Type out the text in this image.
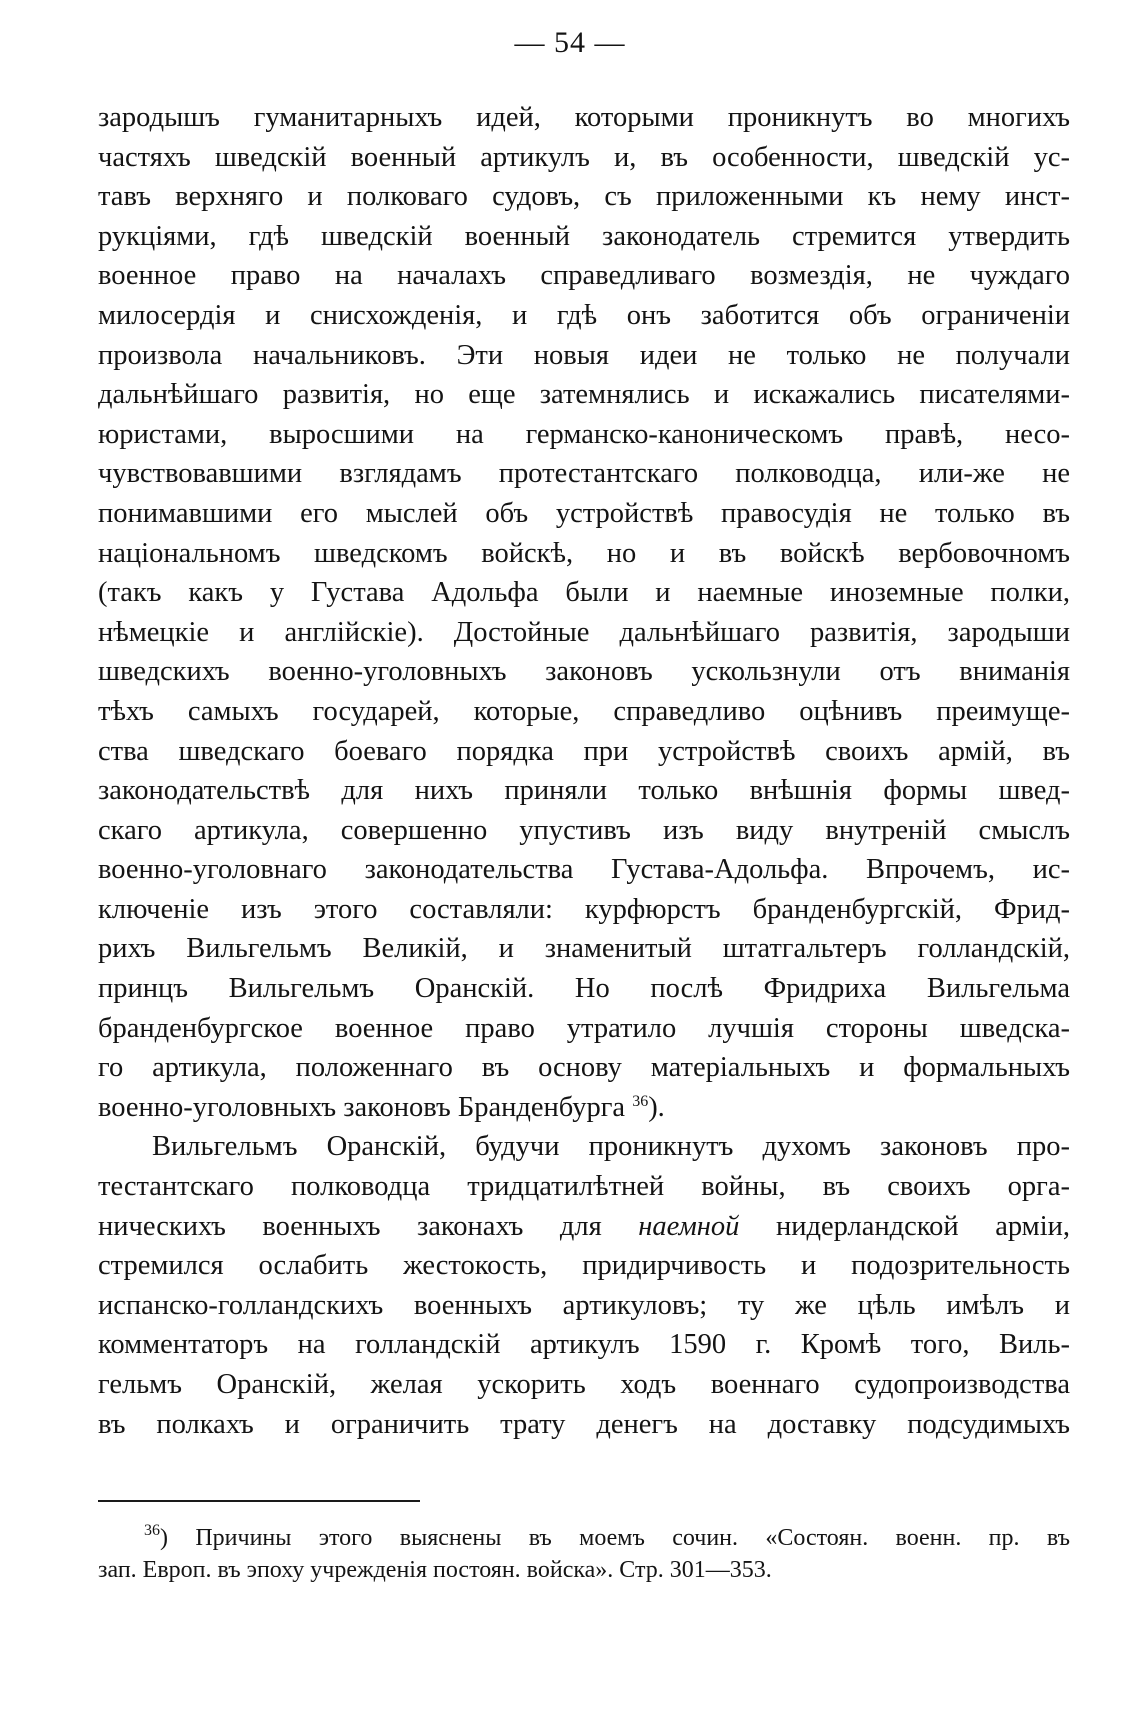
— 54 —
зародышъ гуманитарныхъ идей, которыми проникнутъ во многихъ
частяхъ шведскій военный артикулъ и, въ особенности, шведскій ус-
тавъ верхняго и полковаго судовъ, съ приложенными къ нему инст-
рукціями, гдѣ шведскій военный законодатель стремится утвердить
военное право на началахъ справедливаго возмездія, не чуждаго
милосердія и снисхожденія, и гдѣ онъ заботится объ ограниченіи
произвола начальниковъ. Эти новыя идеи не только не получали
дальнѣйшаго развитія, но еще затемнялись и искажались писателями-
юристами, выросшими на германско-каноническомъ правѣ, несо-
чувствовавшими взглядамъ протестантскаго полководца, или-же не
понимавшими его мыслей объ устройствѣ правосудія не только въ
національномъ шведскомъ войскѣ, но и въ войскѣ вербовочномъ
(такъ какъ у Густава Адольфа были и наемные иноземные полки,
нѣмецкіе и англійскіе). Достойные дальнѣйшаго развитія, зародыши
шведскихъ военно-уголовныхъ законовъ ускользнули отъ вниманія
тѣхъ самыхъ государей, которые, справедливо оцѣнивъ преимуще-
ства шведскаго боеваго порядка при устройствѣ своихъ армій, въ
законодательствѣ для нихъ приняли только внѣшнія формы швед-
скаго артикула, совершенно упустивъ изъ виду внутреній смыслъ
военно-уголовнаго законодательства Густава-Адольфа. Впрочемъ, ис-
ключеніе изъ этого составляли: курфюрстъ бранденбургскій, Фрид-
рихъ Вильгельмъ Великій, и знаменитый штатгальтеръ голландскій,
принцъ Вильгельмъ Оранскій. Но послѣ Фридриха Вильгельма
бранденбургское военное право утратило лучшія стороны шведска-
го артикула, положеннаго въ основу матеріальныхъ и формальныхъ
военно-уголовныхъ законовъ Бранденбурга $^{36}$).
Вильгельмъ Оранскій, будучи проникнутъ духомъ законовъ про-
тестантскаго полководца тридцатилѣтней войны, въ своихъ орга-
ническихъ военныхъ законахъ для наемной нидерландской арміи,
стремился ослабить жестокость, придирчивость и подозрительность
испанско-голландскихъ военныхъ артикуловъ; ту же цѣль имѣлъ и
комментаторъ на голландскій артикулъ 1590 г. Кромѣ того, Виль-
гельмъ Оранскій, желая ускорить ходъ военнаго судопроизводства
въ полкахъ и ограничить трату денегъ на доставку подсудимыхъ
$^{36}$) Причины этого выяснены въ моемъ сочин. «Состоян. военн. пр. въ
зап. Европ. въ эпоху учрежденія постоян. войска». Стр. 301—353.
